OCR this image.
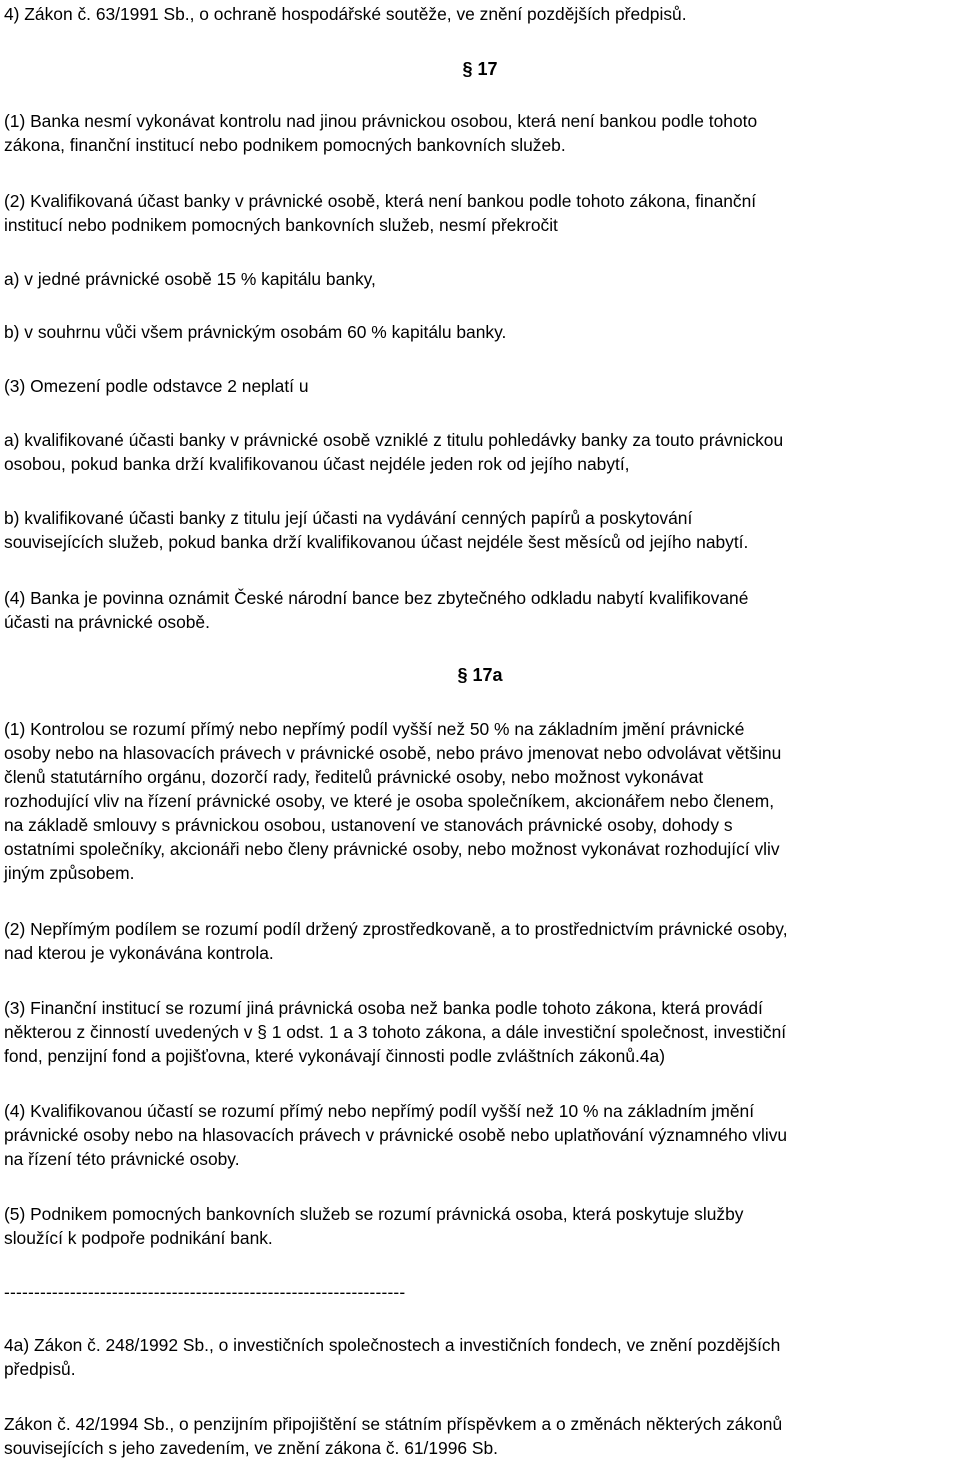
4) Zákon č. 63/1991 Sb., o ochraně hospodářské soutěže, ve znění pozdějších předpisů.

§ 17

(1) Banka nesmí vykonávat kontrolu nad jinou právnickou osobou, která není bankou podle tohoto
zákona, finanční institucí nebo podnikem pomocných bankovních služeb.

(2) Kvalifikovaná účast banky v právnické osobě, která není bankou podle tohoto zákona, finanční
institucí nebo podnikem pomocných bankovních služeb, nesmí překročit

a) v jedné právnické osobě 15 % kapitálu banky,

b) v souhrnu vůči všem právnickým osobám 60 % kapitálu banky.

(3) Omezení podle odstavce 2 neplatí u

a) kvalifikované účasti banky v právnické osobě vzniklé z titulu pohledávky banky za touto právnickou
osobou, pokud banka drží kvalifikovanou účast nejdéle jeden rok od jejího nabytí,

b) kvalifikované účasti banky z titulu její účasti na vydávání cenných papírů a poskytování
souvisejících služeb, pokud banka drží kvalifikovanou účast nejdéle šest měsíců od jejího nabytí.

(4) Banka je povinna oznámit České národní bance bez zbytečného odkladu nabytí kvalifikované
účasti na právnické osobě.

§ 17a

(1) Kontrolou se rozumí přímý nebo nepřímý podíl vyšší než 50 % na základním jmění právnické
osoby nebo na hlasovacích právech v právnické osobě, nebo právo jmenovat nebo odvolávat většinu
členů statutárního orgánu, dozorčí rady, ředitelů právnické osoby, nebo možnost vykonávat
rozhodující vliv na řízení právnické osoby, ve které je osoba společníkem, akcionářem nebo členem,
na základě smlouvy s právnickou osobou, ustanovení ve stanovách právnické osoby, dohody s
ostatními společníky, akcionáři nebo členy právnické osoby, nebo možnost vykonávat rozhodující vliv
jiným způsobem.

(2) Nepřímým podílem se rozumí podíl držený zprostředkovaně, a to prostřednictvím právnické osoby,
nad kterou je vykonávána kontrola.

(3) Finanční institucí se rozumí jiná právnická osoba než banka podle tohoto zákona, která provádí
některou z činností uvedených v § 1 odst. 1 a 3 tohoto zákona, a dále investiční společnost, investiční
fond, penzijní fond a pojišťovna, které vykonávají činnosti podle zvláštních zákonů.4a)

(4) Kvalifikovanou účastí se rozumí přímý nebo nepřímý podíl vyšší než 10 % na základním jmění
právnické osoby nebo na hlasovacích právech v právnické osobě nebo uplatňování významného vlivu
na řízení této právnické osoby.

(5) Podnikem pomocných bankovních služeb se rozumí právnická osoba, která poskytuje služby
sloužící k podpoře podnikání bank.

-------------------------------------------------------------------

4a) Zákon č. 248/1992 Sb., o investičních společnostech a investičních fondech, ve znění pozdějších
předpisů.

Zákon č. 42/1994 Sb., o penzijním připojištění se státním příspěvkem a o změnách některých zákonů
souvisejících s jeho zavedením, ve znění zákona č. 61/1996 Sb.
